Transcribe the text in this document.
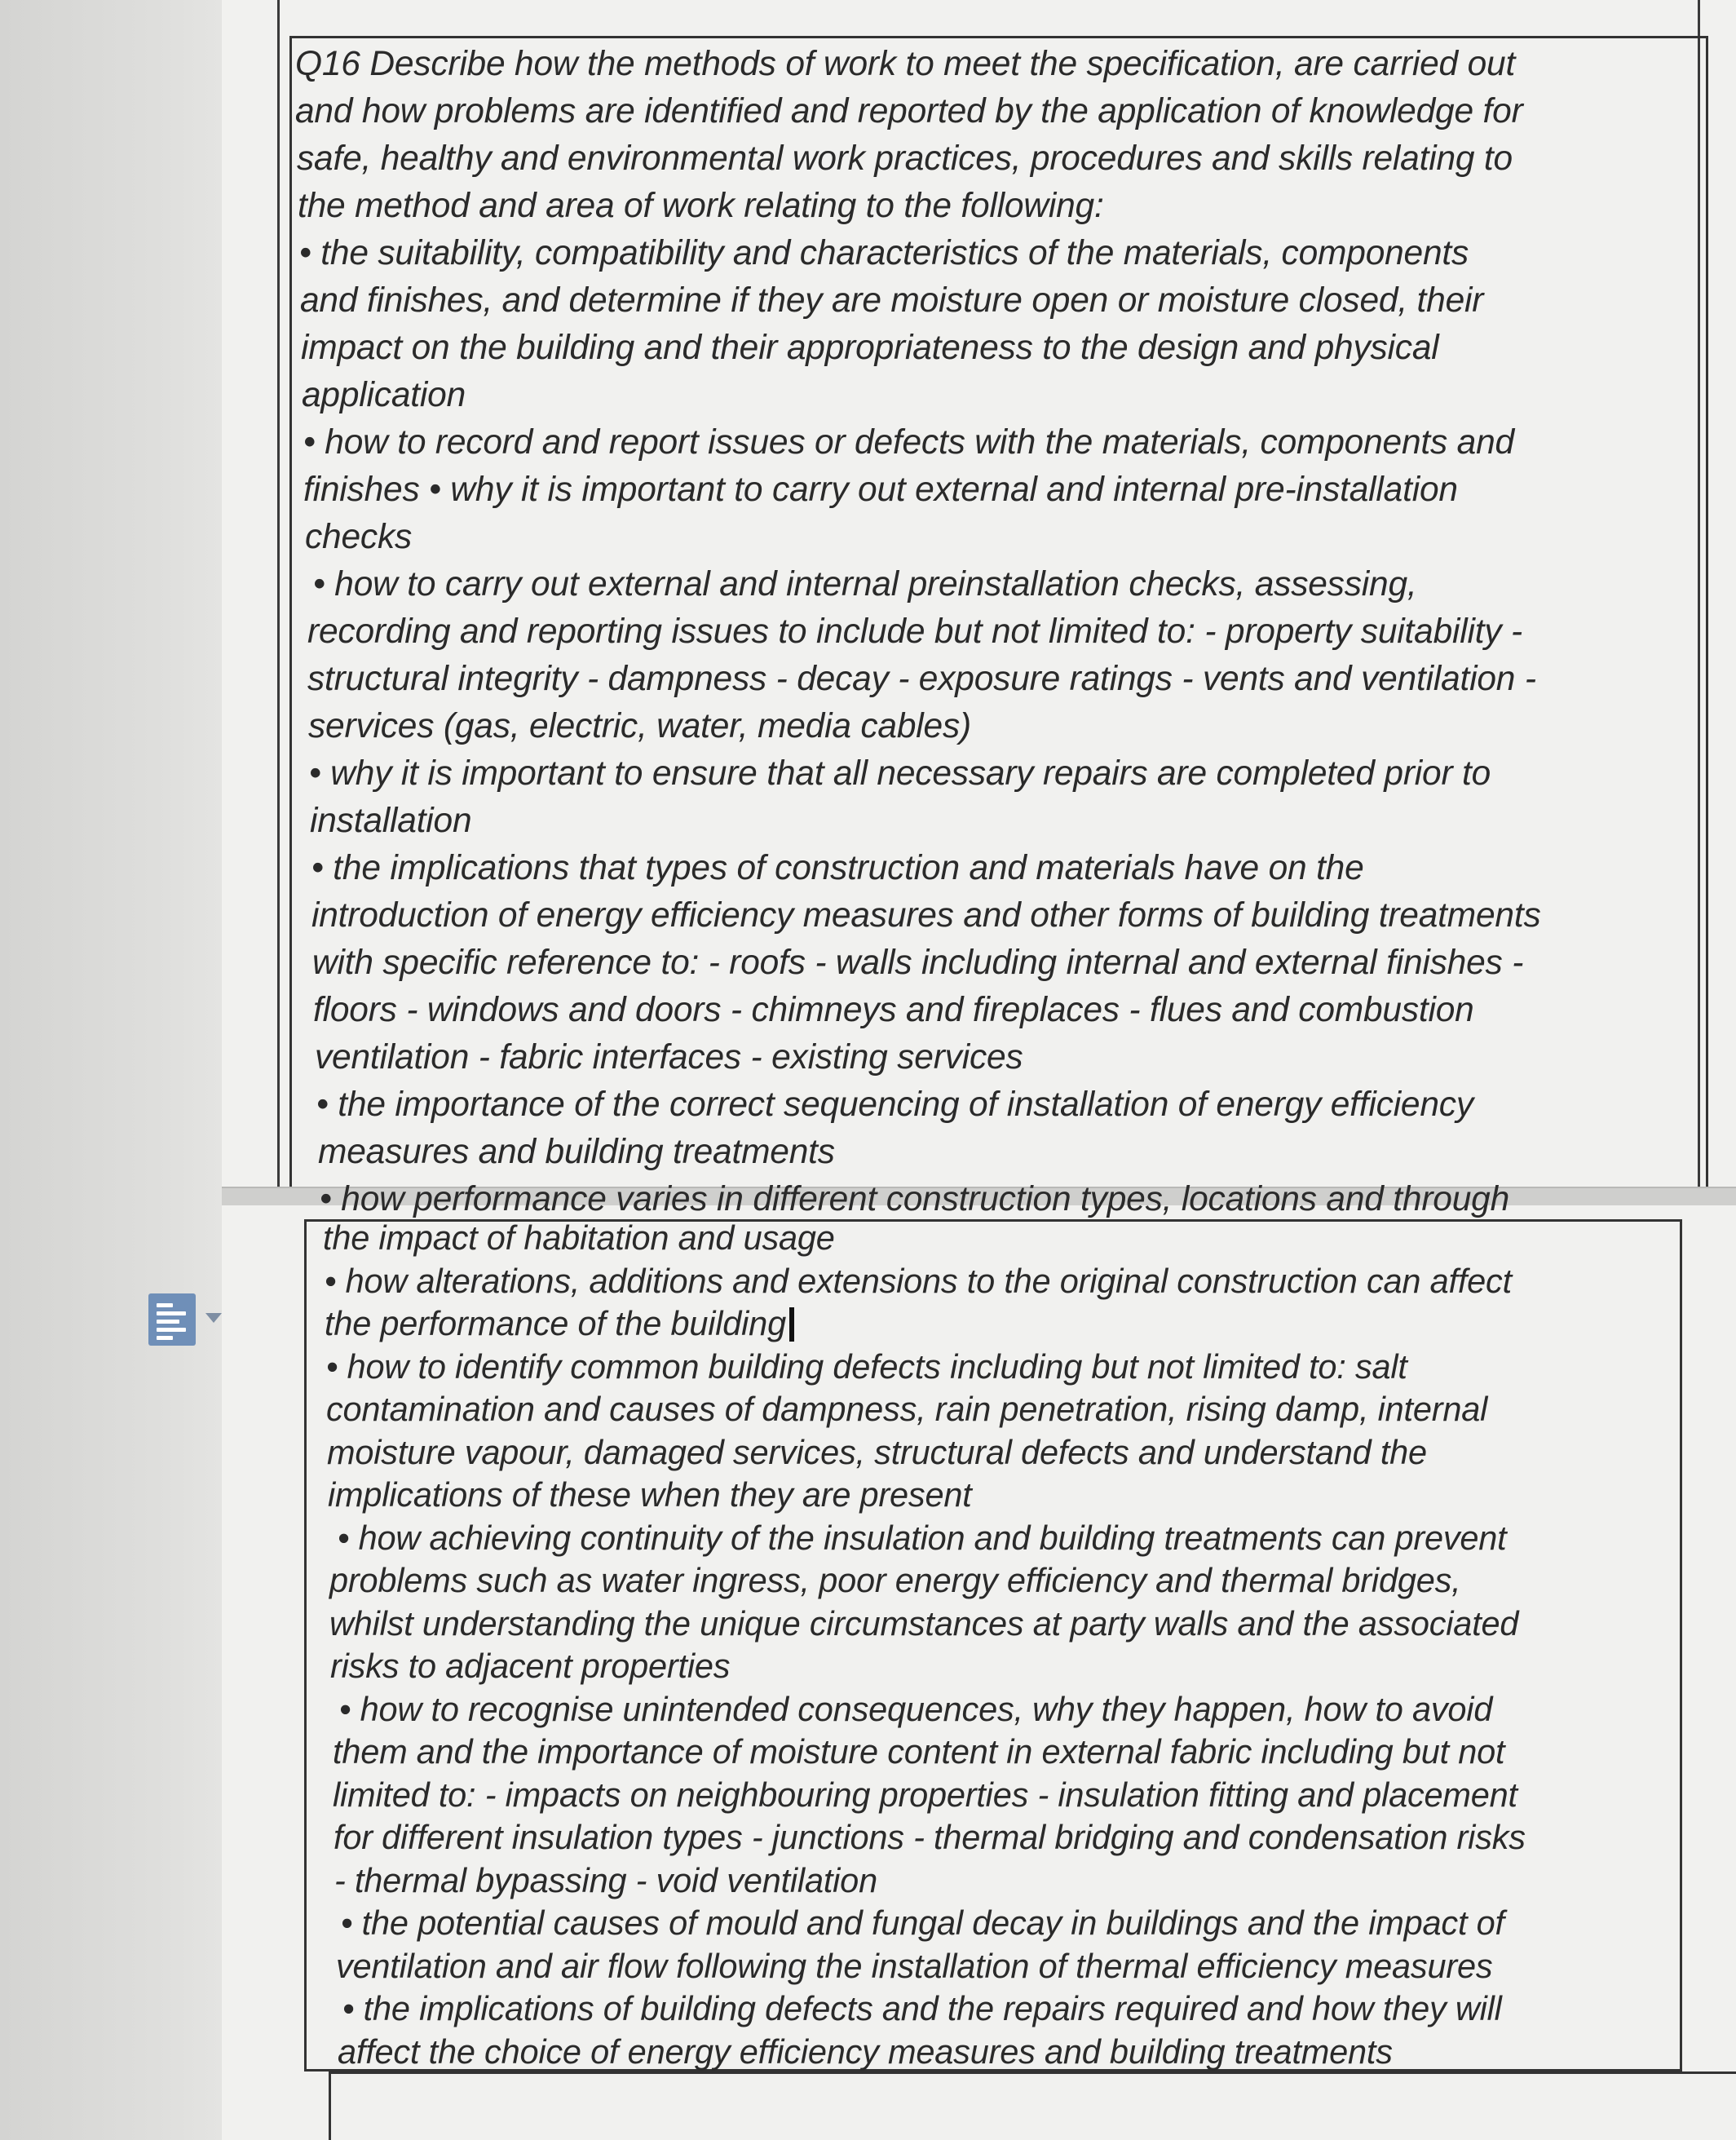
Q16 Describe how the methods of work to meet the specification, are carried out
and how problems are identified and reported by the application of knowledge for
safe, healthy and environmental work practices, procedures and skills relating to
the method and area of work relating to the following:
• the suitability, compatibility and characteristics of the materials, components
and finishes, and determine if they are moisture open or moisture closed, their
impact on the building and their appropriateness to the design and physical
application
• how to record and report issues or defects with the materials, components and
finishes • why it is important to carry out external and internal pre-installation
checks
• how to carry out external and internal preinstallation checks, assessing,
recording and reporting issues to include but not limited to: - property suitability -
structural integrity - dampness - decay - exposure ratings - vents and ventilation -
services (gas, electric, water, media cables)
• why it is important to ensure that all necessary repairs are completed prior to
installation
• the implications that types of construction and materials have on the
introduction of energy efficiency measures and other forms of building treatments
with specific reference to: - roofs - walls including internal and external finishes -
floors - windows and doors - chimneys and fireplaces - flues and combustion
ventilation - fabric interfaces - existing services
• the importance of the correct sequencing of installation of energy efficiency
measures and building treatments
• how performance varies in different construction types, locations and through
the impact of habitation and usage
• how alterations, additions and extensions to the original construction can affect
the performance of the building
• how to identify common building defects including but not limited to: salt
contamination and causes of dampness, rain penetration, rising damp, internal
moisture vapour, damaged services, structural defects and understand the
implications of these when they are present
• how achieving continuity of the insulation and building treatments can prevent
problems such as water ingress, poor energy efficiency and thermal bridges,
whilst understanding the unique circumstances at party walls and the associated
risks to adjacent properties
• how to recognise unintended consequences, why they happen, how to avoid
them and the importance of moisture content in external fabric including but not
limited to: - impacts on neighbouring properties - insulation fitting and placement
for different insulation types - junctions - thermal bridging and condensation risks
- thermal bypassing - void ventilation
• the potential causes of mould and fungal decay in buildings and the impact of
ventilation and air flow following the installation of thermal efficiency measures
• the implications of building defects and the repairs required and how they will
affect the choice of energy efficiency measures and building treatments
